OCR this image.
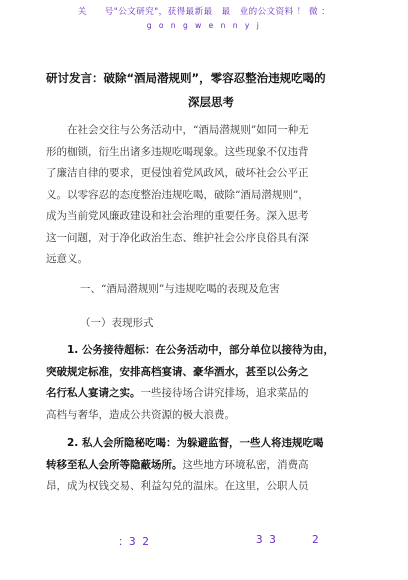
关　　号"公文研究"，获得最新最　最　业的公文资料 ！ 微 ：
g o n g w e n n y j
研讨发言：破除“酒局潜规则”，零容忍整治违规吃喝的
深层思考
在社会交往与公务活动中，“酒局潜规则”如同一种无
形的枷锁，衍生出诸多违规吃喝现象。这些现象不仅违背
了廉洁自律的要求，更侵蚀着党风政风，破坏社会公平正
义。以零容忍的态度整治违规吃喝，破除“酒局潜规则”，
成为当前党风廉政建设和社会治理的重要任务。深入思考
这一问题，对于净化政治生态、维护社会公序良俗具有深
远意义。
一、“酒局潜规则”与违规吃喝的表现及危害
（一）表现形式
1. 公务接待超标：在公务活动中，部分单位以接待为由，
突破规定标准，安排高档宴请、豪华酒水，甚至以公务之
名行私人宴请之实。一些接待场合讲究排场，追求菜品的
高档与奢华，造成公共资源的极大浪费。
2. 私人会所隐秘吃喝：为躲避监督，一些人将违规吃喝
转移至私人会所等隐蔽场所。这些地方环境私密，消费高
昂，成为权钱交易、利益勾兑的温床。在这里，公职人员
：3 2	3 3	2
